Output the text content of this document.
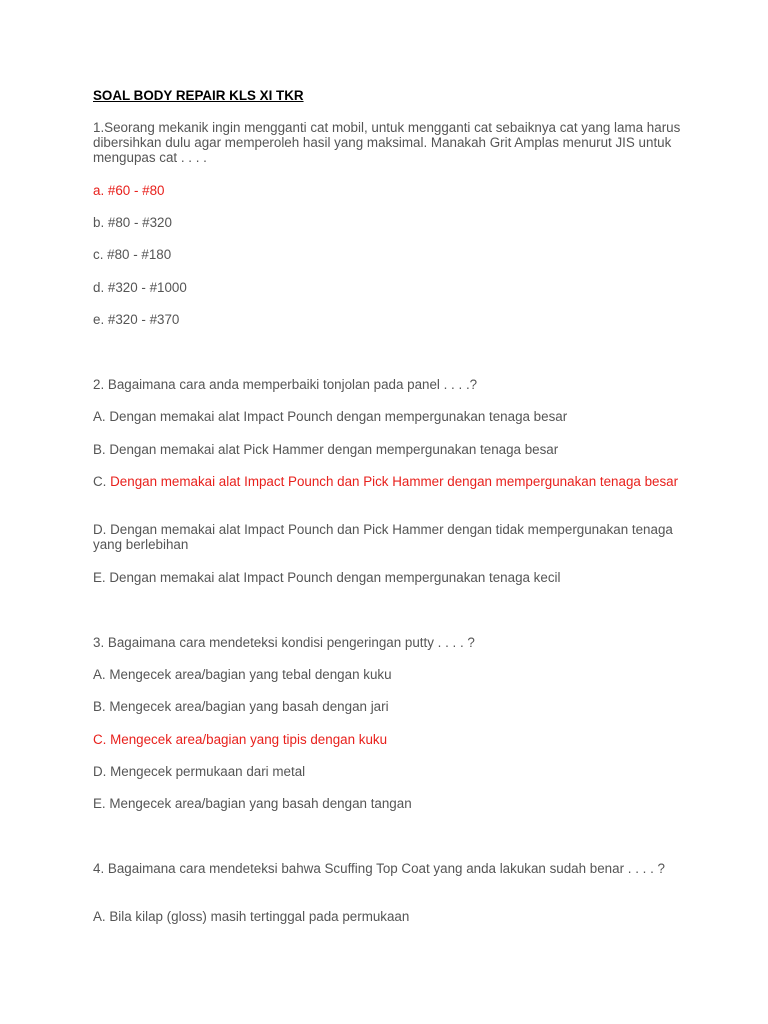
SOAL BODY REPAIR KLS XI TKR

1.Seorang mekanik ingin mengganti cat mobil, untuk mengganti cat sebaiknya cat yang lama harus dibersihkan dulu agar memperoleh hasil yang maksimal. Manakah Grit Amplas menurut JIS untuk mengupas cat . . . .

a. #60 - #80

b. #80 - #320

c. #80 - #180

d. #320 - #1000

e. #320 - #370

2. Bagaimana cara anda memperbaiki tonjolan pada panel . . . .?

A. Dengan memakai alat Impact Pounch dengan mempergunakan tenaga besar

B. Dengan memakai alat Pick Hammer dengan mempergunakan tenaga besar

C. Dengan memakai alat Impact Pounch dan Pick Hammer dengan mempergunakan tenaga besar

D. Dengan memakai alat Impact Pounch dan Pick Hammer dengan tidak mempergunakan tenaga yang berlebihan

E. Dengan memakai alat Impact Pounch dengan mempergunakan tenaga kecil

3. Bagaimana cara mendeteksi kondisi pengeringan putty . . . . ?

A. Mengecek area/bagian yang tebal dengan kuku

B. Mengecek area/bagian yang basah dengan jari

C. Mengecek area/bagian yang tipis dengan kuku

D. Mengecek permukaan dari metal

E. Mengecek area/bagian yang basah dengan tangan

4. Bagaimana cara mendeteksi bahwa Scuffing Top Coat yang anda lakukan sudah benar . . . . ?

A. Bila kilap (gloss) masih tertinggal pada permukaan
